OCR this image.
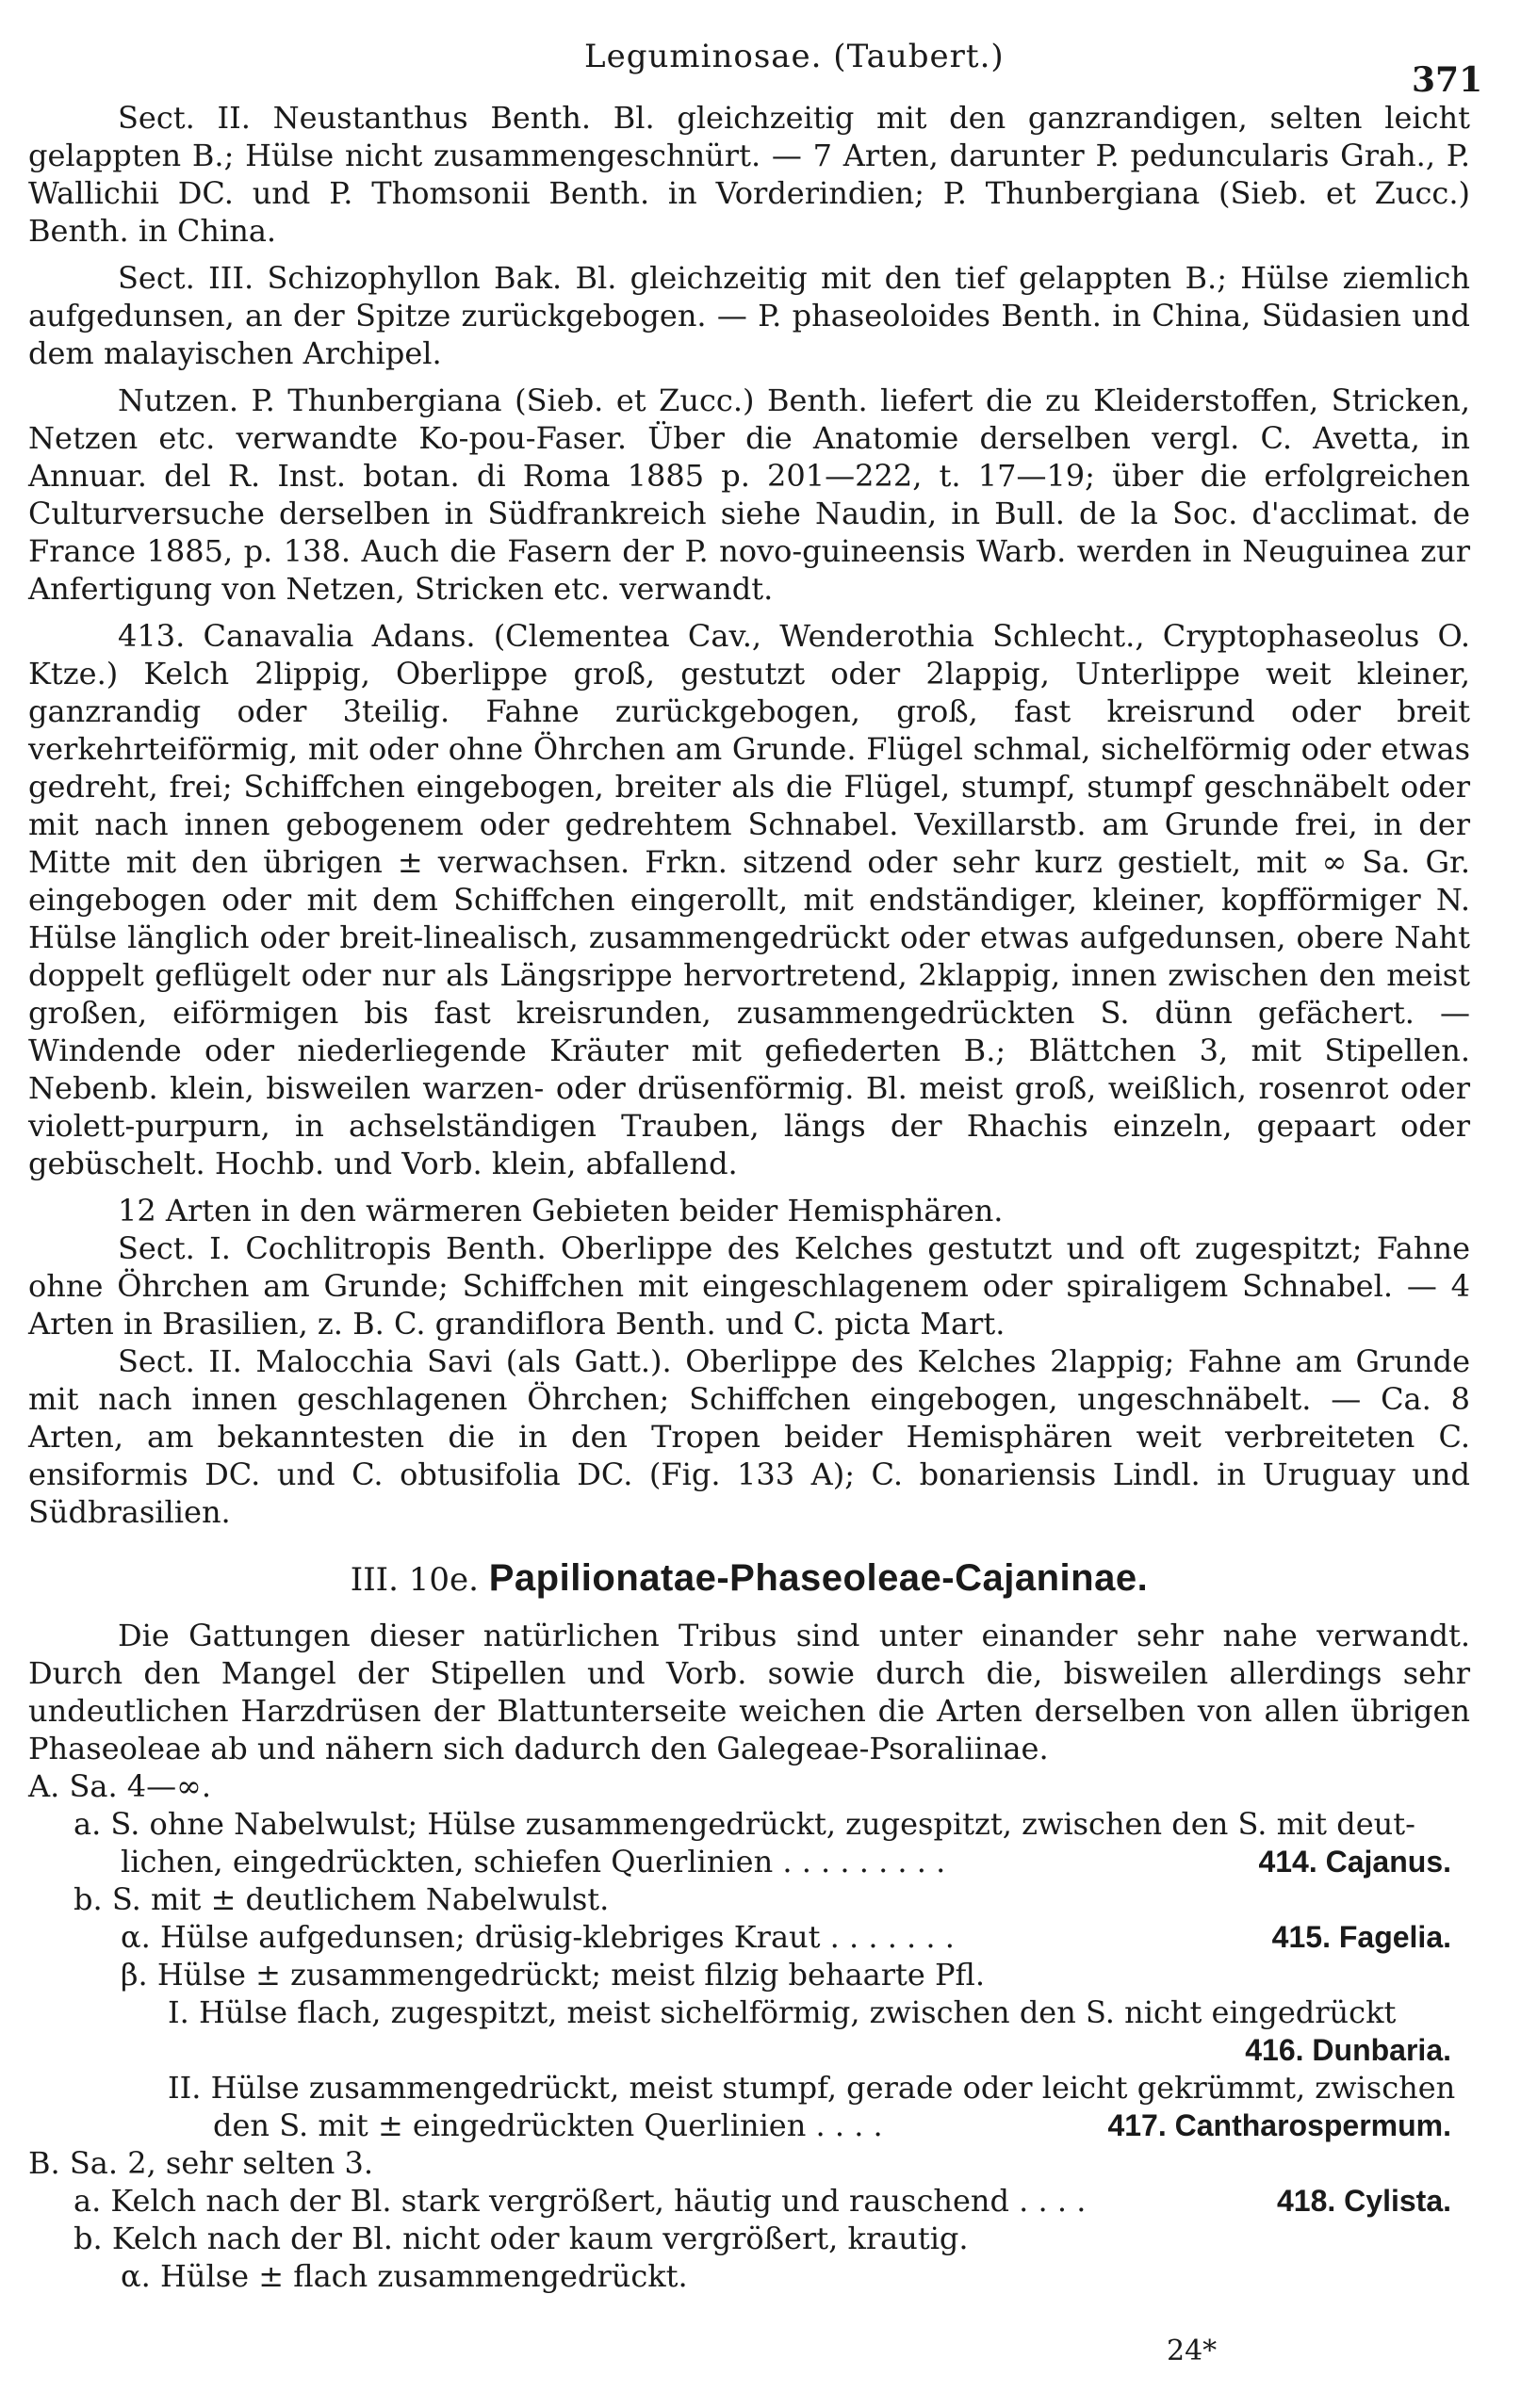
Leguminosae. (Taubert.)
371

Sect. II. Neustanthus Benth. Bl. gleichzeitig mit den ganzrandigen, selten leicht gelappten B.; Hülse nicht zusammengeschnürt. — 7 Arten, darunter P. peduncularis Grah., P. Wallichii DC. und P. Thomsonii Benth. in Vorderindien; P. Thunbergiana (Sieb. et Zucc.) Benth. in China.

Sect. III. Schizophyllon Bak. Bl. gleichzeitig mit den tief gelappten B.; Hülse ziemlich aufgedunsen, an der Spitze zurückgebogen. — P. phaseoloides Benth. in China, Südasien und dem malayischen Archipel.

Nutzen. P. Thunbergiana (Sieb. et Zucc.) Benth. liefert die zu Kleiderstoffen, Stricken, Netzen etc. verwandte Ko-pou-Faser. Über die Anatomie derselben vergl. C. Avetta, in Annuar. del R. Inst. botan. di Roma 1885 p. 201—222, t. 17—19; über die erfolgreichen Culturversuche derselben in Südfrankreich siehe Naudin, in Bull. de la Soc. d'acclimat. de France 1885, p. 138. Auch die Fasern der P. novo-guineensis Warb. werden in Neuguinea zur Anfertigung von Netzen, Stricken etc. verwandt.

413. Canavalia Adans. (Clementea Cav., Wenderothia Schlecht., Cryptophaseolus O. Ktze.) Kelch 2lippig, Oberlippe groß, gestutzt oder 2lappig, Unterlippe weit kleiner, ganzrandig oder 3teilig. Fahne zurückgebogen, groß, fast kreisrund oder breit verkehrteiförmig, mit oder ohne Öhrchen am Grunde. Flügel schmal, sichelförmig oder etwas gedreht, frei; Schiffchen eingebogen, breiter als die Flügel, stumpf, stumpf geschnäbelt oder mit nach innen gebogenem oder gedrehtem Schnabel. Vexillarstb. am Grunde frei, in der Mitte mit den übrigen ± verwachsen. Frkn. sitzend oder sehr kurz gestielt, mit ∞ Sa. Gr. eingebogen oder mit dem Schiffchen eingerollt, mit endständiger, kleiner, kopfförmiger N. Hülse länglich oder breit-linealisch, zusammengedrückt oder etwas aufgedunsen, obere Naht doppelt geflügelt oder nur als Längsrippe hervortretend, 2klappig, innen zwischen den meist großen, eiförmigen bis fast kreisrunden, zusammengedrückten S. dünn gefächert. — Windende oder niederliegende Kräuter mit gefiederten B.; Blättchen 3, mit Stipellen. Nebenb. klein, bisweilen warzen- oder drüsenförmig. Bl. meist groß, weißlich, rosenrot oder violett-purpurn, in achselständigen Trauben, längs der Rhachis einzeln, gepaart oder gebüschelt. Hochb. und Vorb. klein, abfallend.

12 Arten in den wärmeren Gebieten beider Hemisphären.

Sect. I. Cochlitropis Benth. Oberlippe des Kelches gestutzt und oft zugespitzt; Fahne ohne Öhrchen am Grunde; Schiffchen mit eingeschlagenem oder spiraligem Schnabel. — 4 Arten in Brasilien, z. B. C. grandiflora Benth. und C. picta Mart.

Sect. II. Malocchia Savi (als Gatt.). Oberlippe des Kelches 2lappig; Fahne am Grunde mit nach innen geschlagenen Öhrchen; Schiffchen eingebogen, ungeschnäbelt. — Ca. 8 Arten, am bekanntesten die in den Tropen beider Hemisphären weit verbreiteten C. ensiformis DC. und C. obtusifolia DC. (Fig. 133 A); C. bonariensis Lindl. in Uruguay und Südbrasilien.

III. 10e. Papilionatae-Phaseoleae-Cajaninae.

Die Gattungen dieser natürlichen Tribus sind unter einander sehr nahe verwandt. Durch den Mangel der Stipellen und Vorb. sowie durch die, bisweilen allerdings sehr undeutlichen Harzdrüsen der Blattunterseite weichen die Arten derselben von allen übrigen Phaseoleae ab und nähern sich dadurch den Galegeae-Psoraliinae.

A. Sa. 4—∞.
a. S. ohne Nabelwulst; Hülse zusammengedrückt, zugespitzt, zwischen den S. mit deut-
lichen, eingedrückten, schiefen Querlinien . . . . . . . . .	414. Cajanus.
b. S. mit ± deutlichem Nabelwulst.
α. Hülse aufgedunsen; drüsig-klebriges Kraut . . . . . . .	415. Fagelia.
β. Hülse ± zusammengedrückt; meist filzig behaarte Pfl.
I. Hülse flach, zugespitzt, meist sichelförmig, zwischen den S. nicht eingedrückt
416. Dunbaria.
II. Hülse zusammengedrückt, meist stumpf, gerade oder leicht gekrümmt, zwischen
den S. mit ± eingedrückten Querlinien . . . .	417. Cantharospermum.
B. Sa. 2, sehr selten 3.
a. Kelch nach der Bl. stark vergrößert, häutig und rauschend . . . .	418. Cylista.
b. Kelch nach der Bl. nicht oder kaum vergrößert, krautig.
α. Hülse ± flach zusammengedrückt.
24*
